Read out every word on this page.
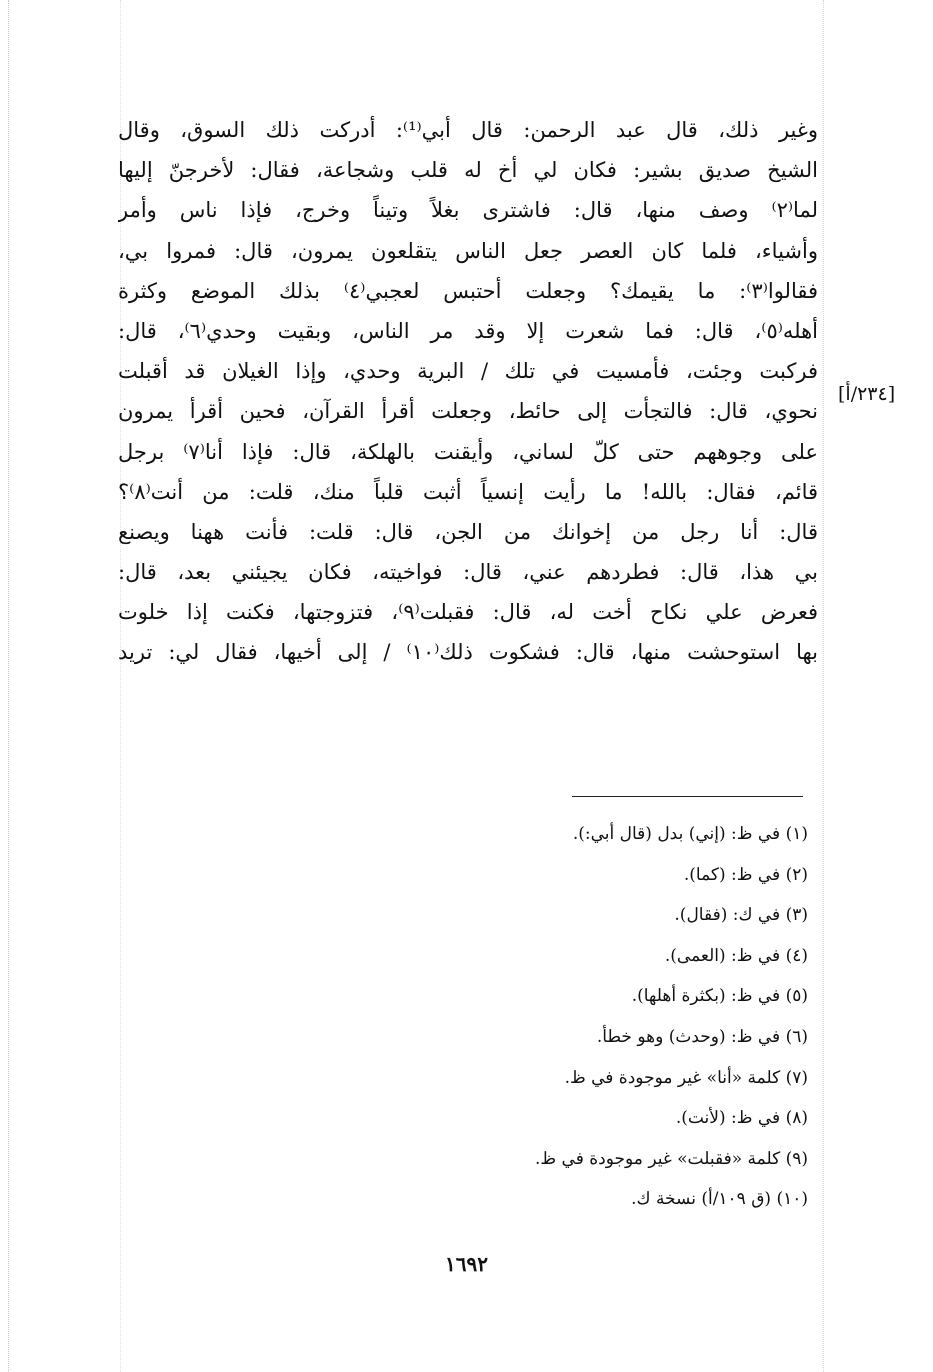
وغير ذلك، قال عبد الرحمن: قال أبي⁽¹⁾: أدركت ذلك السوق، وقال
الشيخ صديق بشير: فكان لي أخ له قلب وشجاعة، فقال: لأخرجنّ إليها
لما⁽٢⁾ وصف منها، قال: فاشترى بغلاً وتيناً وخرج، فإذا ناس وأمر
وأشياء، فلما كان العصر جعل الناس يتقلعون يمرون، قال: فمروا بي،
فقالوا⁽٣⁾: ما يقيمك؟ وجعلت أحتبس لعجبي⁽٤⁾ بذلك الموضع وكثرة
أهله⁽٥⁾، قال: فما شعرت إلا وقد مر الناس، وبقيت وحدي⁽٦⁾، قال:
فركبت وجئت، فأمسيت في تلك / البرية وحدي، وإذا الغيلان قد أقبلت
نحوي، قال: فالتجأت إلى حائط، وجعلت أقرأ القرآن، فحين أقرأ يمرون
على وجوههم حتى كلّ لساني، وأيقنت بالهلكة، قال: فإذا أنا⁽٧⁾ برجل
قائم، فقال: بالله! ما رأيت إنسياً أثبت قلباً منك، قلت: من أنت⁽٨⁾؟
قال: أنا رجل من إخوانك من الجن، قال: قلت: فأنت ههنا ويصنع
بي هذا، قال: فطردهم عني، قال: فواخيته، فكان يجيئني بعد، قال:
فعرض علي نكاح أخت له، قال: فقبلت⁽٩⁾، فتزوجتها، فكنت إذا خلوت
بها استوحشت منها، قال: فشكوت ذلك⁽١٠⁾ / إلى أخيها، فقال لي: تريد
[٢٣٤/أ]
(١) في ظ: (إني) بدل (قال أبي:).
(٢) في ظ: (كما).
(٣) في ك: (فقال).
(٤) في ظ: (العمى).
(٥) في ظ: (بكثرة أهلها).
(٦) في ظ: (وحدث) وهو خطأ.
(٧) كلمة «أنا» غير موجودة في ظ.
(٨) في ظ: (لأنت).
(٩) كلمة «فقبلت» غير موجودة في ظ.
(١٠) (ق ١٠٩/أ) نسخة ك.
١٦٩٢
